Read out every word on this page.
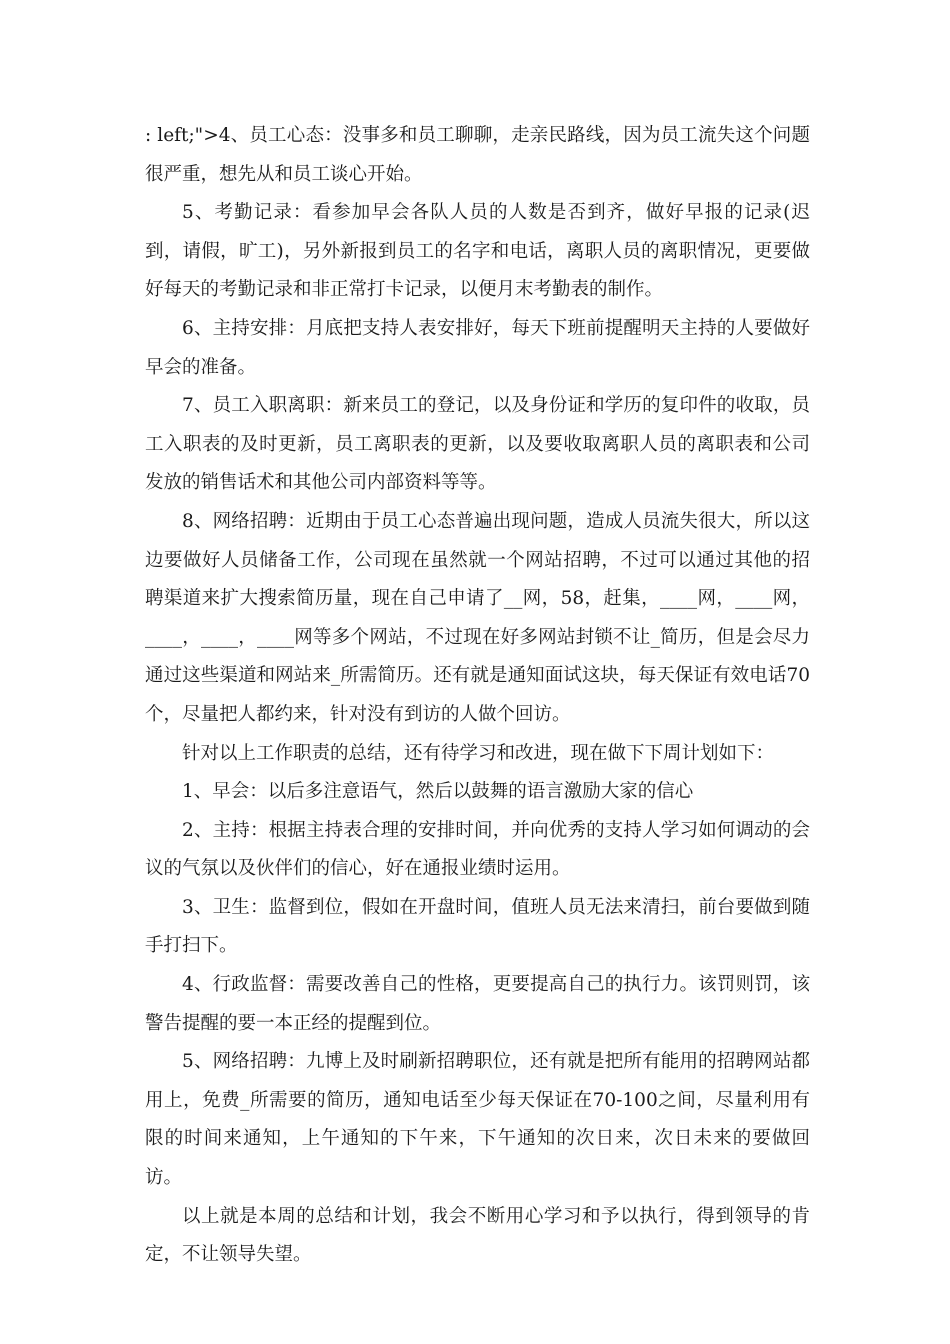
: left;">4、员工心态：没事多和员工聊聊，走亲民路线，因为员工流失这个问题很严重，想先从和员工谈心开始。

5、考勤记录：看参加早会各队人员的人数是否到齐，做好早报的记录(迟到，请假，旷工)，另外新报到员工的名字和电话，离职人员的离职情况，更要做好每天的考勤记录和非正常打卡记录，以便月末考勤表的制作。

6、主持安排：月底把支持人表安排好，每天下班前提醒明天主持的人要做好早会的准备。

7、员工入职离职：新来员工的登记，以及身份证和学历的复印件的收取，员工入职表的及时更新，员工离职表的更新，以及要收取离职人员的离职表和公司发放的销售话术和其他公司内部资料等等。

8、网络招聘：近期由于员工心态普遍出现问题，造成人员流失很大，所以这边要做好人员储备工作，公司现在虽然就一个网站招聘，不过可以通过其他的招聘渠道来扩大搜索简历量，现在自己申请了__网，58，赶集，____网，____网，____，____，____网等多个网站，不过现在好多网站封锁不让_简历，但是会尽力通过这些渠道和网站来_所需简历。还有就是通知面试这块，每天保证有效电话70个，尽量把人都约来，针对没有到访的人做个回访。

针对以上工作职责的总结，还有待学习和改进，现在做下下周计划如下：

1、早会：以后多注意语气，然后以鼓舞的语言激励大家的信心

2、主持：根据主持表合理的安排时间，并向优秀的支持人学习如何调动的会议的气氛以及伙伴们的信心，好在通报业绩时运用。

3、卫生：监督到位，假如在开盘时间，值班人员无法来清扫，前台要做到随手打扫下。

4、行政监督：需要改善自己的性格，更要提高自己的执行力。该罚则罚，该警告提醒的要一本正经的提醒到位。

5、网络招聘：九博上及时刷新招聘职位，还有就是把所有能用的招聘网站都用上，免费_所需要的简历，通知电话至少每天保证在70-100之间，尽量利用有限的时间来通知，上午通知的下午来，下午通知的次日来，次日未来的要做回访。

以上就是本周的总结和计划，我会不断用心学习和予以执行，得到领导的肯定，不让领导失望。
